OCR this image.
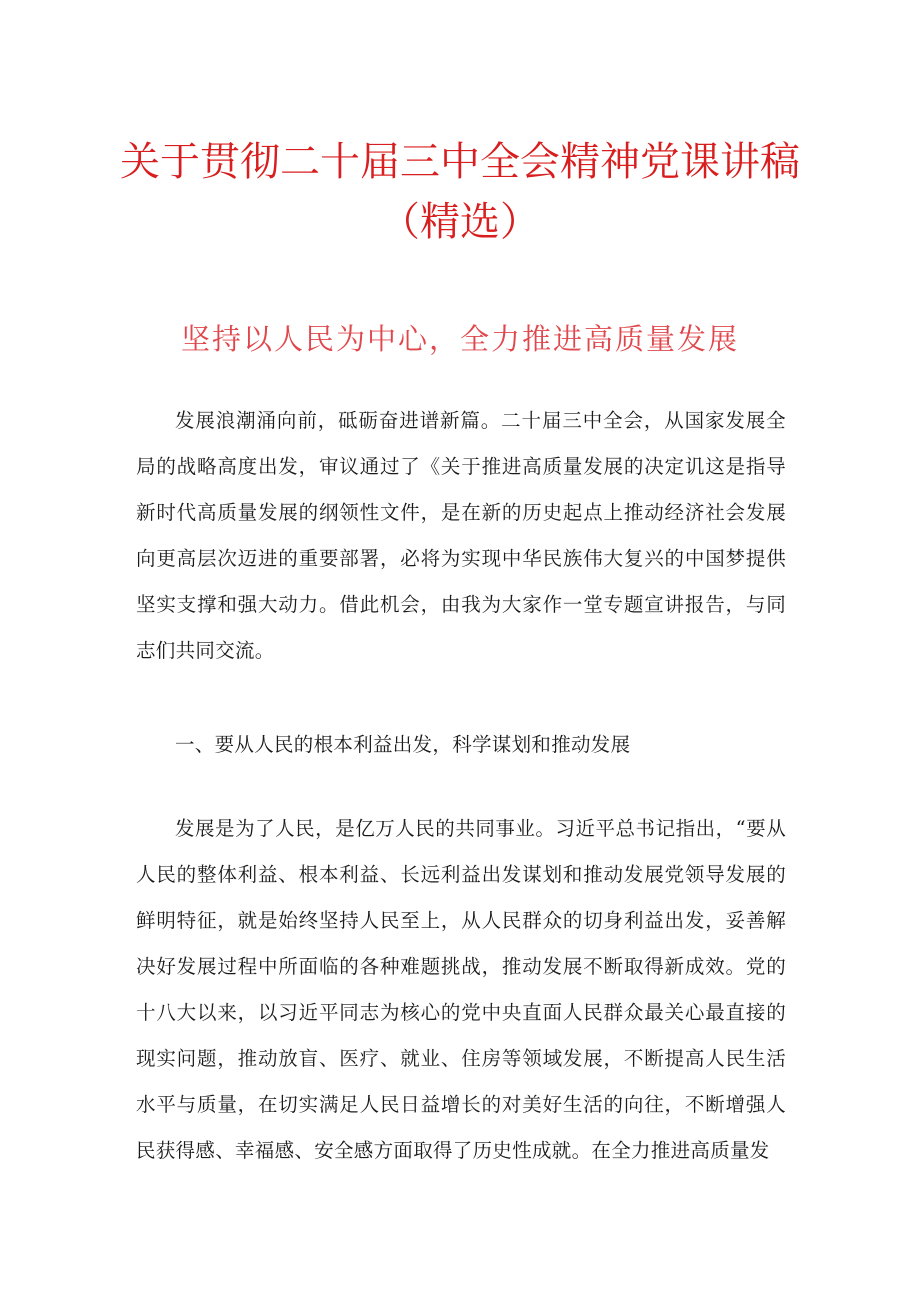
关于贯彻二十届三中全会精神党课讲稿
（精选）
坚持以人民为中心，全力推进高质量发展

发展浪潮涌向前，砥砺奋进谱新篇。二十届三中全会，从国家发展全局的战略高度出发，审议通过了《关于推进高质量发展的决定讥这是指导新时代高质量发展的纲领性文件，是在新的历史起点上推动经济社会发展向更高层次迈进的重要部署，必将为实现中华民族伟大复兴的中国梦提供坚实支撑和强大动力。借此机会，由我为大家作一堂专题宣讲报告，与同志们共同交流。

一、要从人民的根本利益出发，科学谋划和推动发展

发展是为了人民，是亿万人民的共同事业。习近平总书记指出，“要从人民的整体利益、根本利益、长远利益出发谋划和推动发展党领导发展的鲜明特征，就是始终坚持人民至上，从人民群众的切身利益出发，妥善解决好发展过程中所面临的各种难题挑战，推动发展不断取得新成效。党的十八大以来，以习近平同志为核心的党中央直面人民群众最关心最直接的现实问题，推动放盲、医疗、就业、住房等领域发展，不断提高人民生活水平与质量，在切实满足人民日益增长的对美好生活的向往，不断增强人民获得感、幸福感、安全感方面取得了历史性成就。在全力推进高质量发
